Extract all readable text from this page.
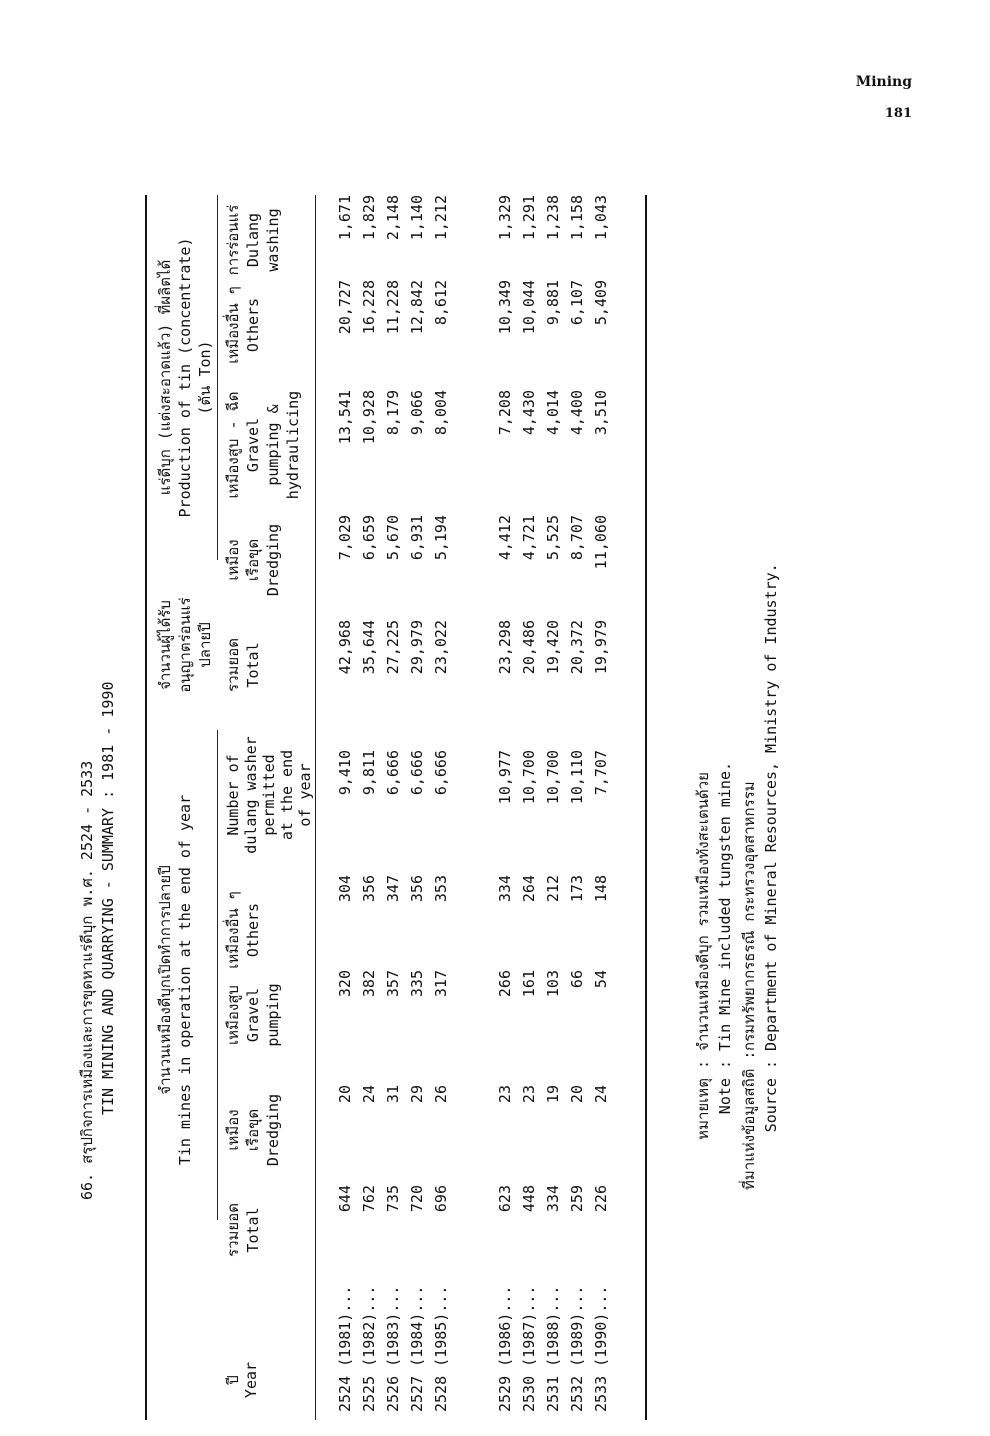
Mining
181
66. สรุปกิจการเหมืองและการขุดหาแร่ดีบุก พ.ศ. 2524 - 2533 TIN MINING AND QUARRYING - SUMMARY : 1981 - 1990	จำนวนเหมืองดีบุกเปิดทำการปลายปี Tin mines in operation at the end of year
จำนวนผู้ได้รับ อนุญาตร่อนแร่ ปลายปี
แร่ดีบุก (แต่งสะอาดแล้ว) ที่ผลิตได้ Production of tin (concentrate) (ตัน Ton)
ปี Year
Number of dulang washer permitted at the end of year
รวมยอด Total
เหมือง เรือขุด Dredging
เหมืองสูบ Gravel pumping
เหมืองอื่น ๆ Others
รวมยอด Total
เหมือง เรือขุด Dredging
เหมืองสูบ - ฉีด Gravel pumping & hydraulicing
เหมืองอื่น ๆ Others
การร่อนแร่ Dulang washing
2524 (1981)...
644
20
320
304
9,410
42,968
7,029
13,541
20,727
1,671
2525 (1982)...
762
24
382
356
9,811
35,644
6,659
10,928
16,228
1,829
2526 (1983)...
735
31
357
347
6,666
27,225
5,670
8,179
11,228
2,148
2527 (1984)...
720
29
335
356
6,666
29,979
6,931
9,066
12,842
1,140
2528 (1985)...
696
26
317
353
6,666
23,022
5,194
8,004
8,612
1,212
2529 (1986)...
623
23
266
334
10,977
23,298
4,412
7,208
10,349
1,329
2530 (1987)...
448
23
161
264
10,700
20,486
4,721
4,430
10,044
1,291
2531 (1988)...
334
19
103
212
10,700
19,420
5,525
4,014
9,881
1,238
2532 (1989)...
259
20
66
173
10,110
20,372
8,707
4,400
6,107
1,158
2533 (1990)...
226
24
54
148
7,707
19,979
11,060
3,510
5,409
1,043
หมายเหตุ : จำนวนเหมืองดีบุก รวมเหมืองทังสะเตนด้วย
Note : Tin Mine included tungsten mine.
ที่มาแห่งข้อมูลสถิติ : กรมทรัพยากรธรณี กระทรวงอุตสาหกรรม
Source : Department of Mineral Resources, Ministry of Industry.
